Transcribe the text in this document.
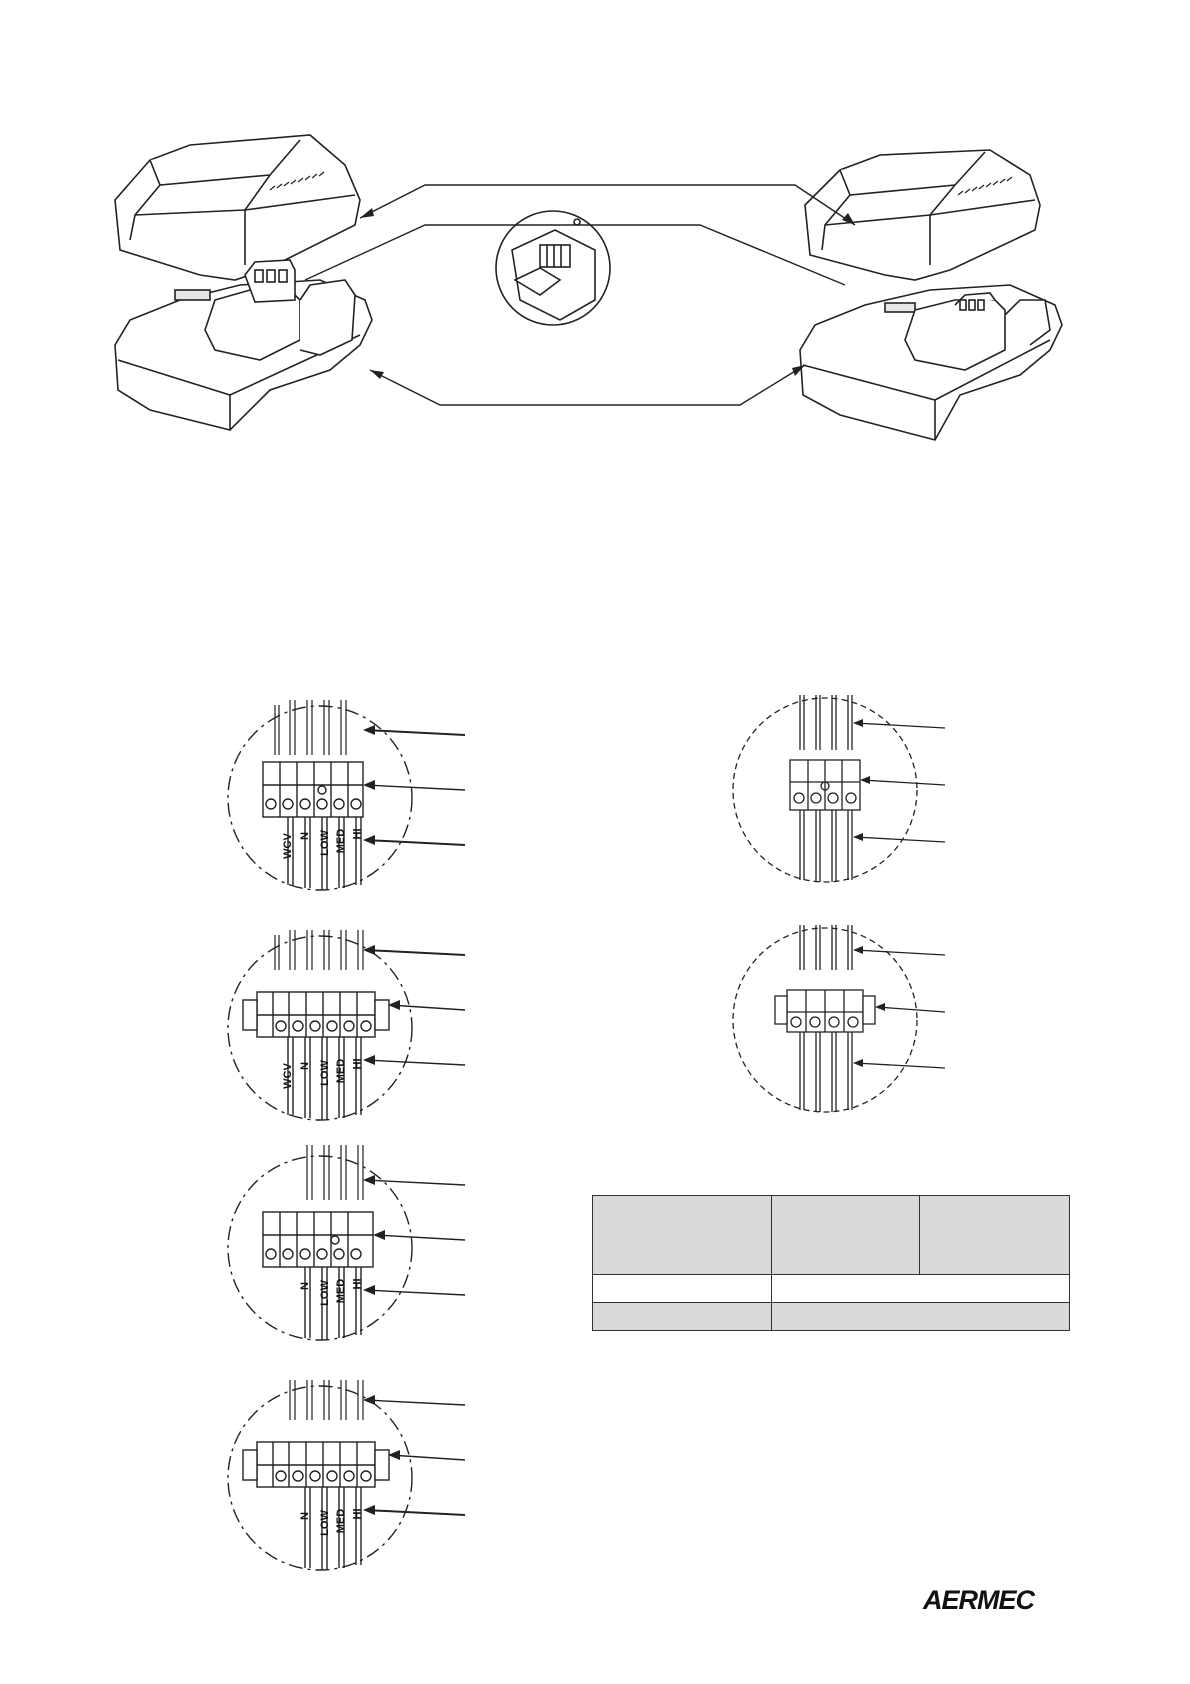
WCV N LOW MED HI
WCV N LOW MED HI
N LOW MED HI
N LOW MED HI

AERMEC
